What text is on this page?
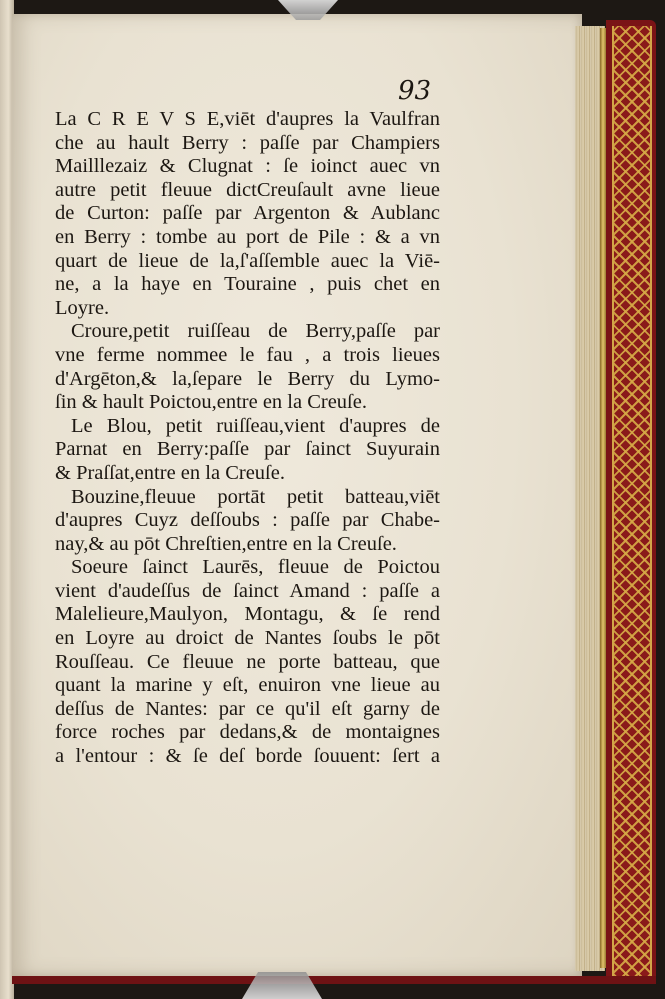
93
La C R E V S E,viēt d'aupres la Vaulfran
che au hault Berry : paſſe par Champiers
Mailllezaiz & Clugnat : ſe ioinct auec vn
autre petit fleuue dictCreuſault avne lieue
de Curton: paſſe par Argenton & Aublanc
en Berry : tombe au port de Pile : & a vn
quart de lieue de la,ſ'aſſemble auec la Viē-
ne, a la haye en Touraine , puis chet en
Loyre.
Croure,petit ruiſſeau de Berry,paſſe par
vne ferme nommee le fau , a trois lieues
d'Argēton,& la,ſepare le Berry du Lymo-
ſin & hault Poictou,entre en la Creuſe.
Le Blou, petit ruiſſeau,vient d'aupres de
Parnat en Berry:paſſe par ſainct Suyurain
& Praſſat,entre en la Creuſe.
Bouzine,fleuue portāt petit batteau,viēt
d'aupres Cuyz deſſoubs : paſſe par Chabe-
nay,& au pōt Chreſtien,entre en la Creuſe.
Soeure ſainct Laurēs, fleuue de Poictou
vient d'audeſſus de ſainct Amand : paſſe a
Malelieure,Maulyon, Montagu, & ſe rend
en Loyre au droict de Nantes ſoubs le pōt
Rouſſeau. Ce fleuue ne porte batteau, que
quant la marine y eſt, enuiron vne lieue au
deſſus de Nantes: par ce qu'il eſt garny de
force roches par dedans,& de montaignes
a l'entour : & ſe deſ borde ſouuent: ſert a
